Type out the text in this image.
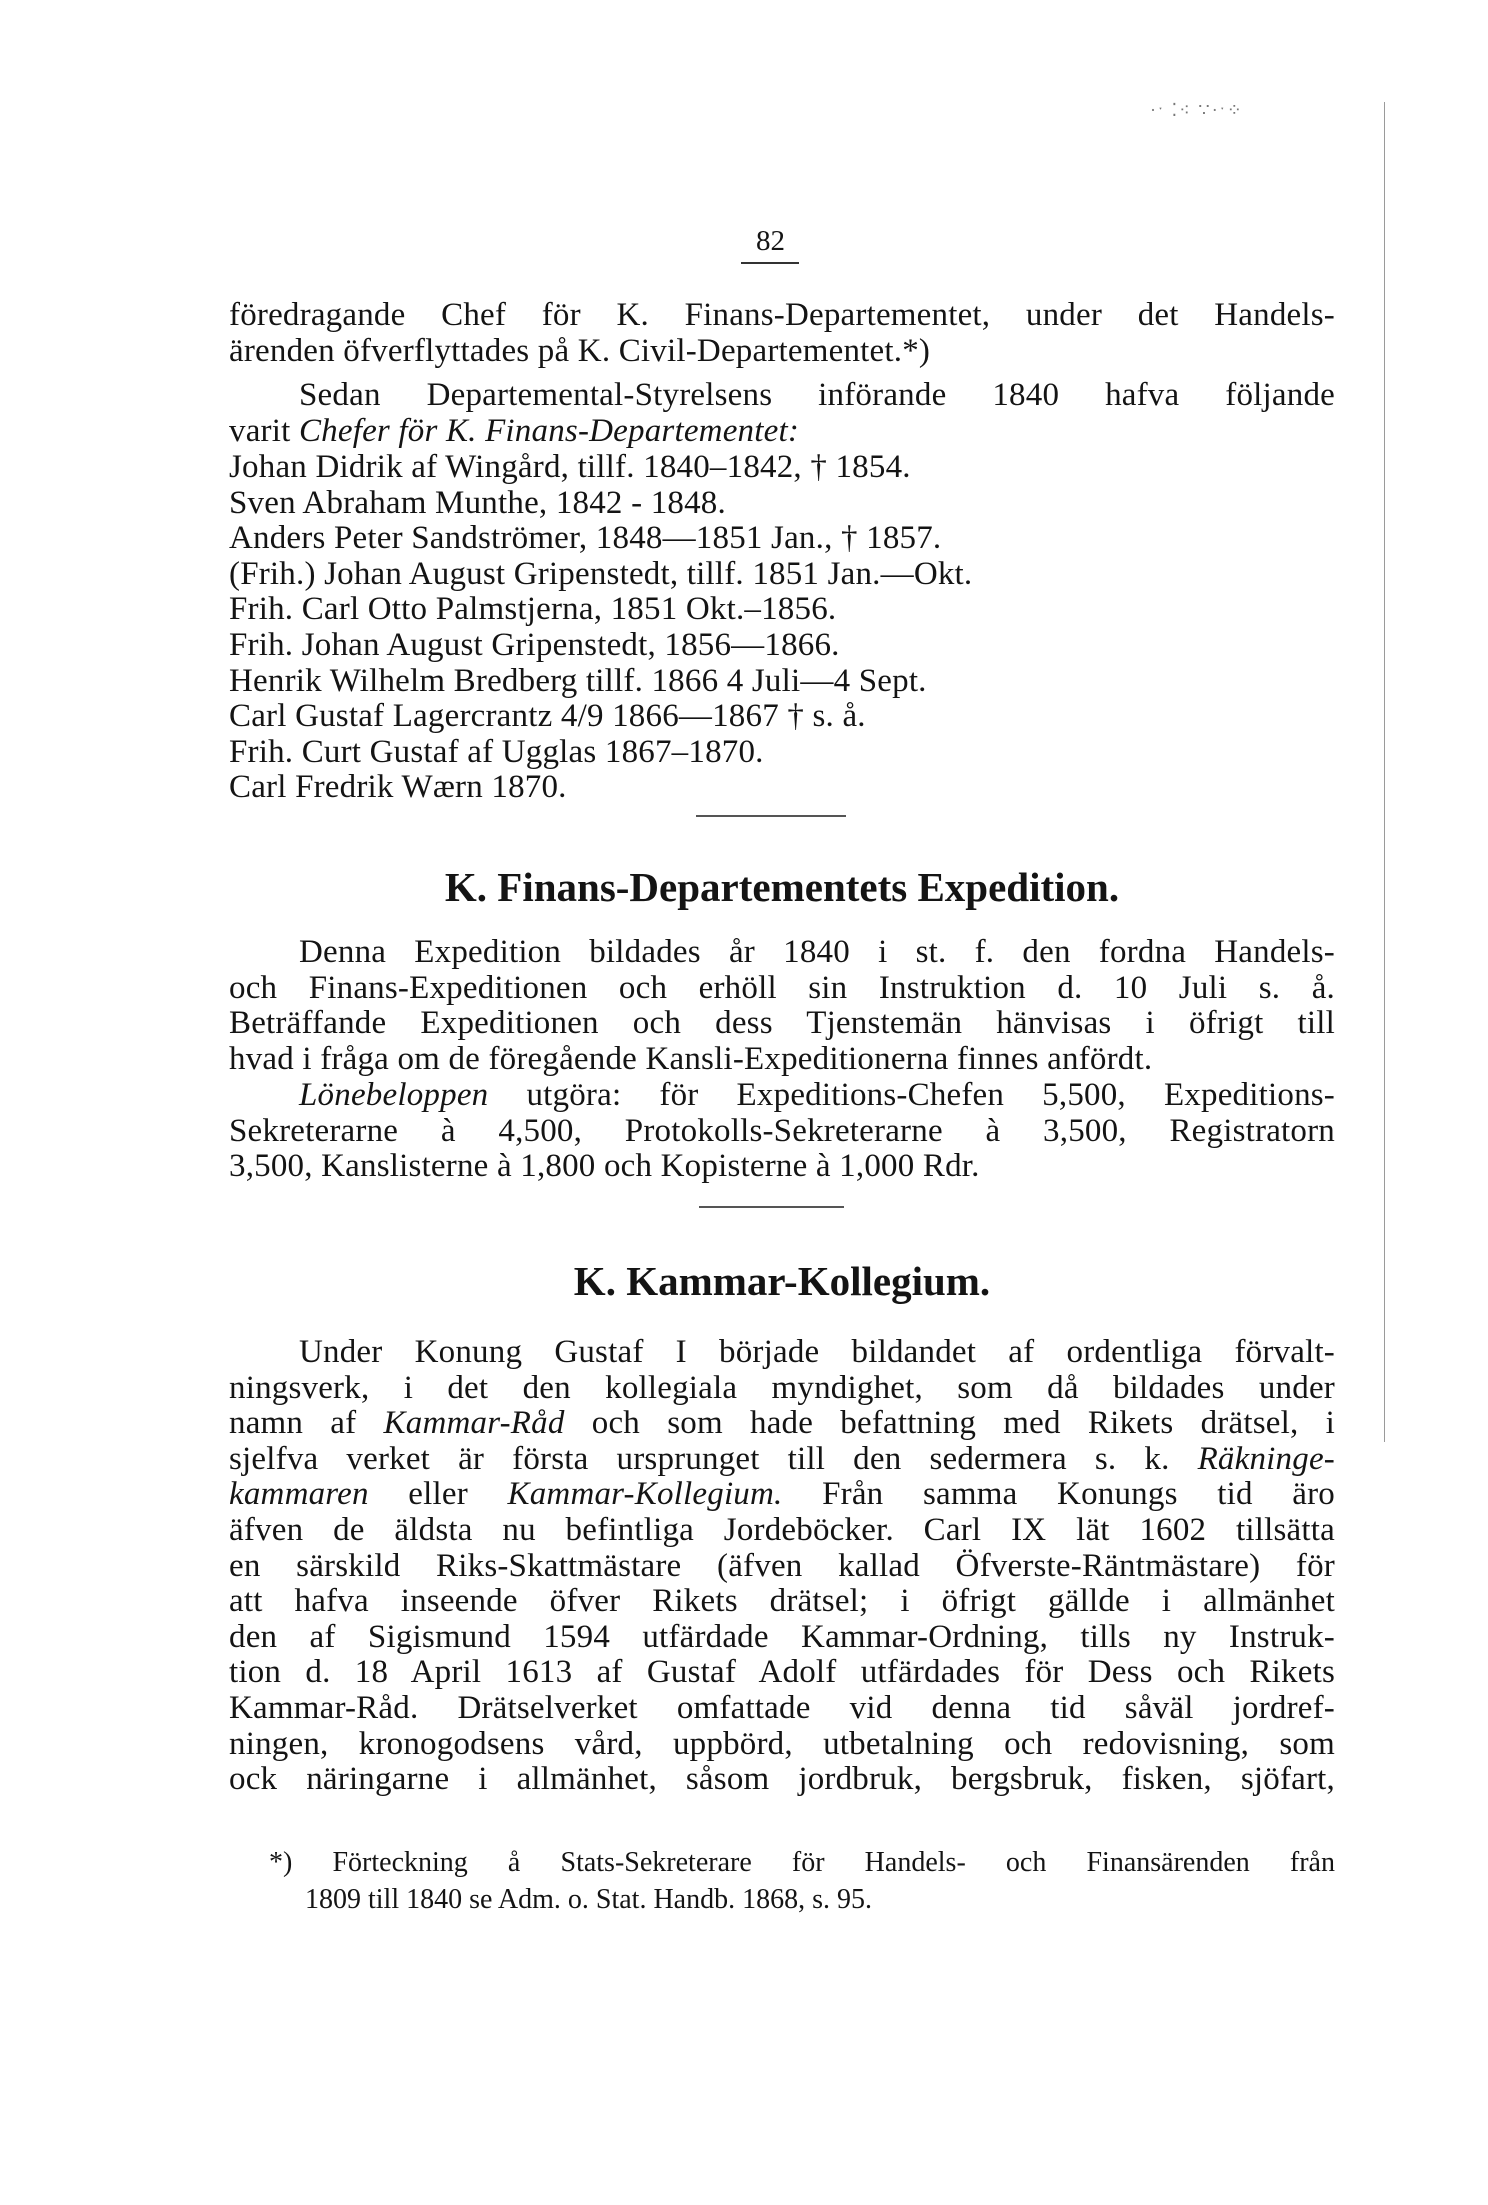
·ˑ ⁚⁖ ∵·ˑ⁘
82
föredragande Chef för K. Finans-Departementet, under det Handels-
ärenden öfverflyttades på K. Civil-Departementet.*)
Sedan Departemental-Styrelsens införande 1840 hafva följande
varit Chefer för K. Finans-Departementet:
Johan Didrik af Wingård, tillf. 1840–1842, † 1854.
Sven Abraham Munthe, 1842 - 1848.
Anders Peter Sandströmer, 1848—1851 Jan., † 1857.
(Frih.) Johan August Gripenstedt, tillf. 1851 Jan.—Okt.
Frih. Carl Otto Palmstjerna, 1851 Okt.–1856.
Frih. Johan August Gripenstedt, 1856—1866.
Henrik Wilhelm Bredberg tillf. 1866 4 Juli—4 Sept.
Carl Gustaf Lagercrantz 4/9 1866—1867 † s. å.
Frih. Curt Gustaf af Ugglas 1867–1870.
Carl Fredrik Wærn 1870.
K. Finans-Departementets Expedition.
Denna Expedition bildades år 1840 i st. f. den fordna Handels-
och Finans-Expeditionen och erhöll sin Instruktion d. 10 Juli s. å.
Beträffande Expeditionen och dess Tjenstemän hänvisas i öfrigt till
hvad i fråga om de föregående Kansli-Expeditionerna finnes anfördt.
Lönebeloppen utgöra: för Expeditions-Chefen 5,500, Expeditions-
Sekreterarne à 4,500, Protokolls-Sekreterarne à 3,500, Registratorn
3,500, Kanslisterne à 1,800 och Kopisterne à 1,000 Rdr.
K. Kammar-Kollegium.
Under Konung Gustaf I började bildandet af ordentliga förvalt-
ningsverk, i det den kollegiala myndighet, som då bildades under
namn af Kammar-Råd och som hade befattning med Rikets drätsel, i
sjelfva verket är första ursprunget till den sedermera s. k. Räkninge-
kammaren eller Kammar-Kollegium. Från samma Konungs tid äro
äfven de äldsta nu befintliga Jordeböcker. Carl IX lät 1602 tillsätta
en särskild Riks-Skattmästare (äfven kallad Öfverste-Räntmästare) för
att hafva inseende öfver Rikets drätsel; i öfrigt gällde i allmänhet
den af Sigismund 1594 utfärdade Kammar-Ordning, tills ny Instruk-
tion d. 18 April 1613 af Gustaf Adolf utfärdades för Dess och Rikets
Kammar-Råd. Drätselverket omfattade vid denna tid såväl jordref-
ningen, kronogodsens vård, uppbörd, utbetalning och redovisning, som
ock näringarne i allmänhet, såsom jordbruk, bergsbruk, fisken, sjöfart,
*) Förteckning å Stats-Sekreterare för Handels- och Finansärenden från
1809 till 1840 se Adm. o. Stat. Handb. 1868, s. 95.
